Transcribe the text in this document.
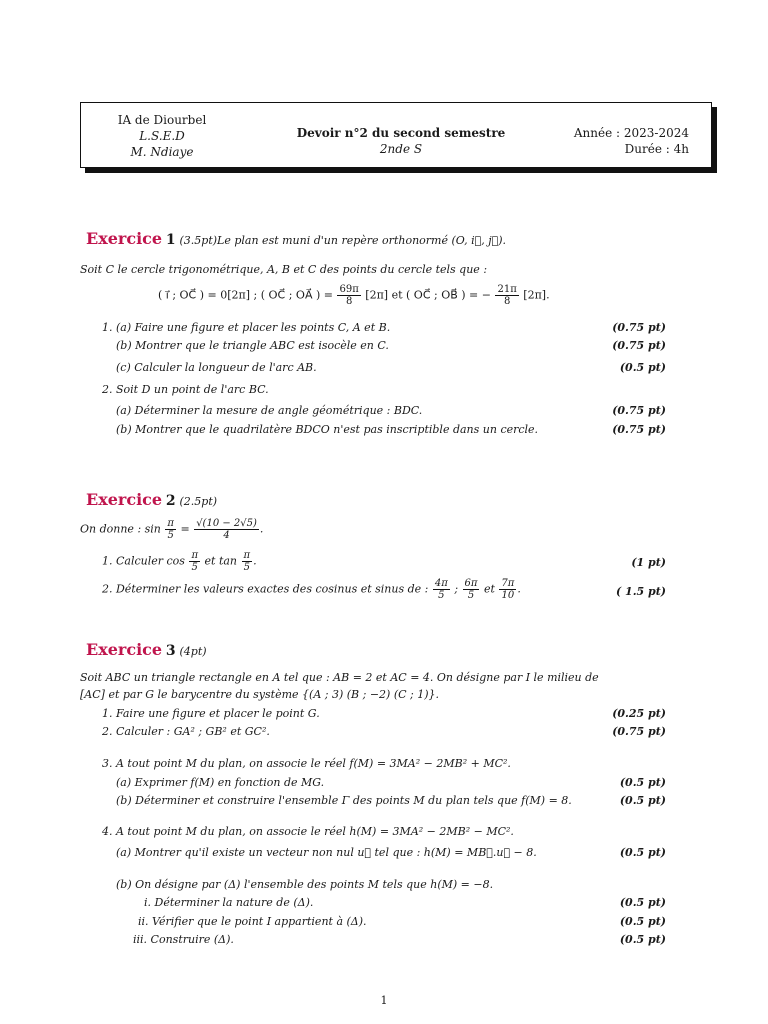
IA de Diourbel
L.S.E.D
M. Ndiaye
Devoir n°2 du second semestre
2nde S
Année : 2023-2024
Durée : 4h
Exercice 1 (3.5pt)Le plan est muni d'un repère orthonormé (O, i⃗, j⃗).
Soit C le cercle trigonométrique, A, B et C des points du cercle tels que :
( i⃗ ; OC⃗ ) = 0[2π] ; ( OC⃗ ; OA⃗ ) = $\frac{69\pi}{8} [2\pi]$ et ( OC⃗ ; OB⃗ ) = − $\frac{21\pi}{8} [2\pi]$.
1. (a) Faire une figure et placer les points C, A et B.	(0.75 pt)
(b) Montrer que le triangle ABC est isocèle en C.	(0.75 pt)
(c) Calculer la longueur de l'arc AB.	(0.5 pt)
2. Soit D un point de l'arc BC.
(a) Déterminer la mesure de angle géométrique : BDC.	(0.75 pt)
(b) Montrer que le quadrilatère BDCO n'est pas inscriptible dans un cercle.	(0.75 pt)
Exercice 2 (2.5pt)
On donne : $\sin \frac{\pi}{5} = \frac{√(10 - 2√5)}{4}$ .
1. Calculer $\cos \frac{\pi}{5}$ et $\tan \frac{\pi}{5}$ .	(1 pt)
2. Déterminer les valeurs exactes des cosinus et sinus de : $\frac{4\pi}{5}$ ; $\frac{6\pi}{5}$ et $\frac{7\pi}{10}$ .	( 1.5 pt)
Exercice 3 (4pt)
Soit ABC un triangle rectangle en A tel que : AB = 2 et AC = 4. On désigne par I le milieu de
[AC] et par G le barycentre du système {(A ; 3) (B ; −2) (C ; 1)}.
1. Faire une figure et placer le point G.	(0.25 pt)
2. Calculer : GA² ; GB² et GC².	(0.75 pt)
3. A tout point M du plan, on associe le réel f(M) = 3MA² − 2MB² + MC².
(a) Exprimer f(M) en fonction de MG.	(0.5 pt)
(b) Déterminer et construire l'ensemble Γ des points M du plan tels que f(M) = 8.	(0.5 pt)
4. A tout point M du plan, on associe le réel h(M) = 3MA² − 2MB² − MC².
(a) Montrer qu'il existe un vecteur non nul u⃗ tel que : h(M) = MB⃗.u⃗ − 8.	(0.5 pt)
(b) On désigne par (Δ) l'ensemble des points M tels que h(M) = −8.
i. Déterminer la nature de (Δ).	(0.5 pt)
ii. Vérifier que le point I appartient à (Δ).	(0.5 pt)
iii. Construire (Δ).	(0.5 pt)
1
